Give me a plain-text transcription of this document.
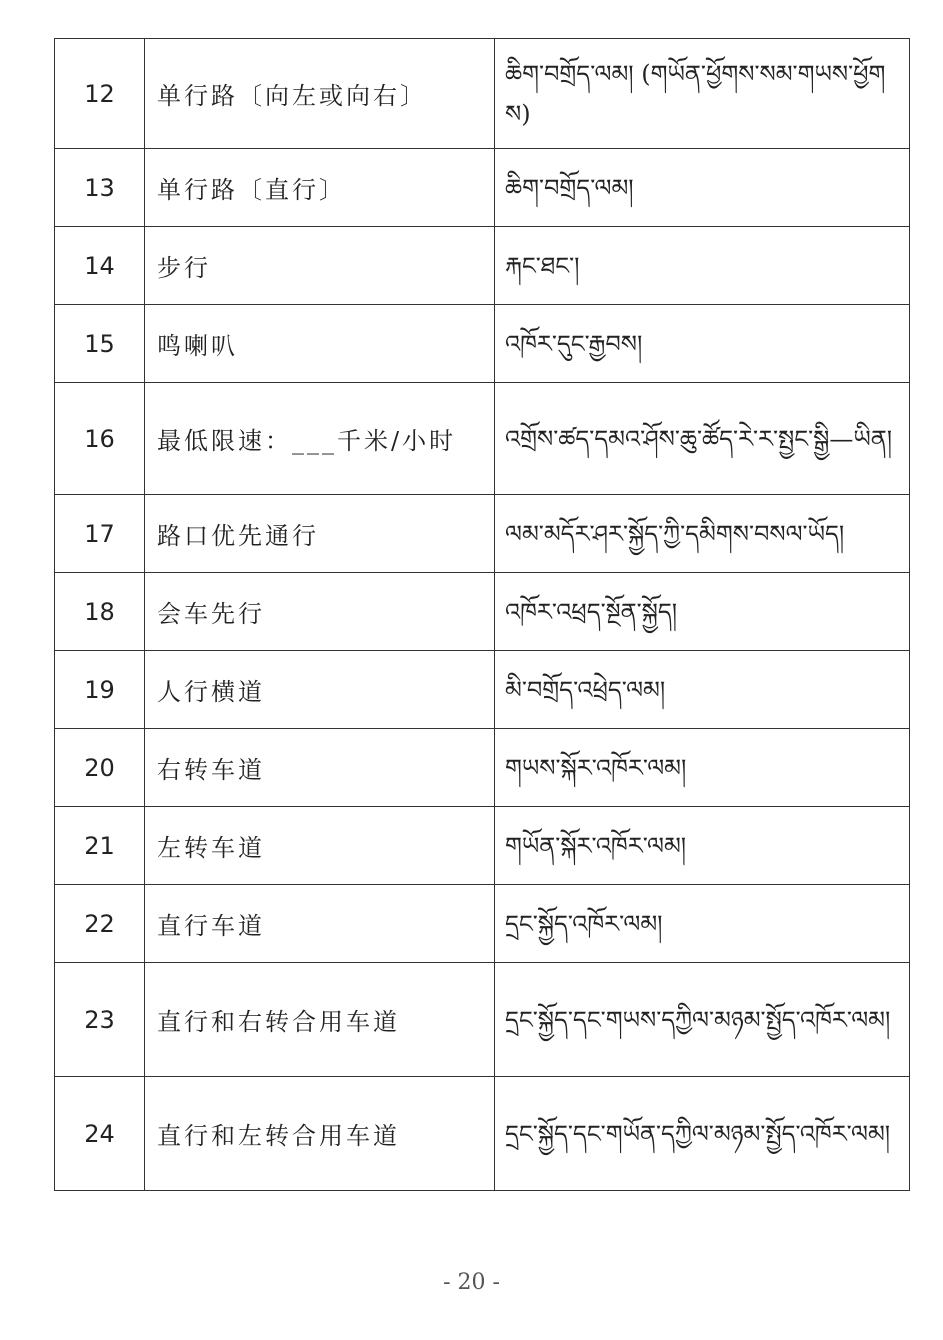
12	单行路〔向左或向右〕	ཆིག་བགྲོད་ལམ། (གཡོན་ཕྱོགས་སམ་གཡས་ཕྱོགས)
13	单行路〔直行〕	ཆིག་བགྲོད་ལམ།
14	步行	རྐང་ཐང་།
15	鸣喇叭	འཁོར་དུང་རྒྱབས།
16	最低限速：___千米/小时	འགྲོས་ཚད་དམའ་ཤོས་ཆུ་ཚོད་རེ་ར་སྤྱང་སྒྱི—ཡིན།
17	路口优先通行	ལམ་མདོར་ཤར་སྐྱོད་ཀྱི་དམིགས་བསལ་ཡོད།
18	会车先行	འཁོར་འཕྲད་སྔོན་སྐྱོད།
19	人行横道	མི་བགྲོད་འཕྲེད་ལམ།
20	右转车道	གཡས་སྐོར་འཁོར་ལམ།
21	左转车道	གཡོན་སྐོར་འཁོར་ལམ།
22	直行车道	དྲང་སྐྱོད་འཁོར་ལམ།
23	直行和右转合用车道	དྲང་སྐྱོད་དང་གཡས་དཀྱིལ་མཉམ་སྤྱོད་འཁོར་ལམ།
24	直行和左转合用车道	དྲང་སྐྱོད་དང་གཡོན་དཀྱིལ་མཉམ་སྤྱོད་འཁོར་ལམ།
- 20 -
